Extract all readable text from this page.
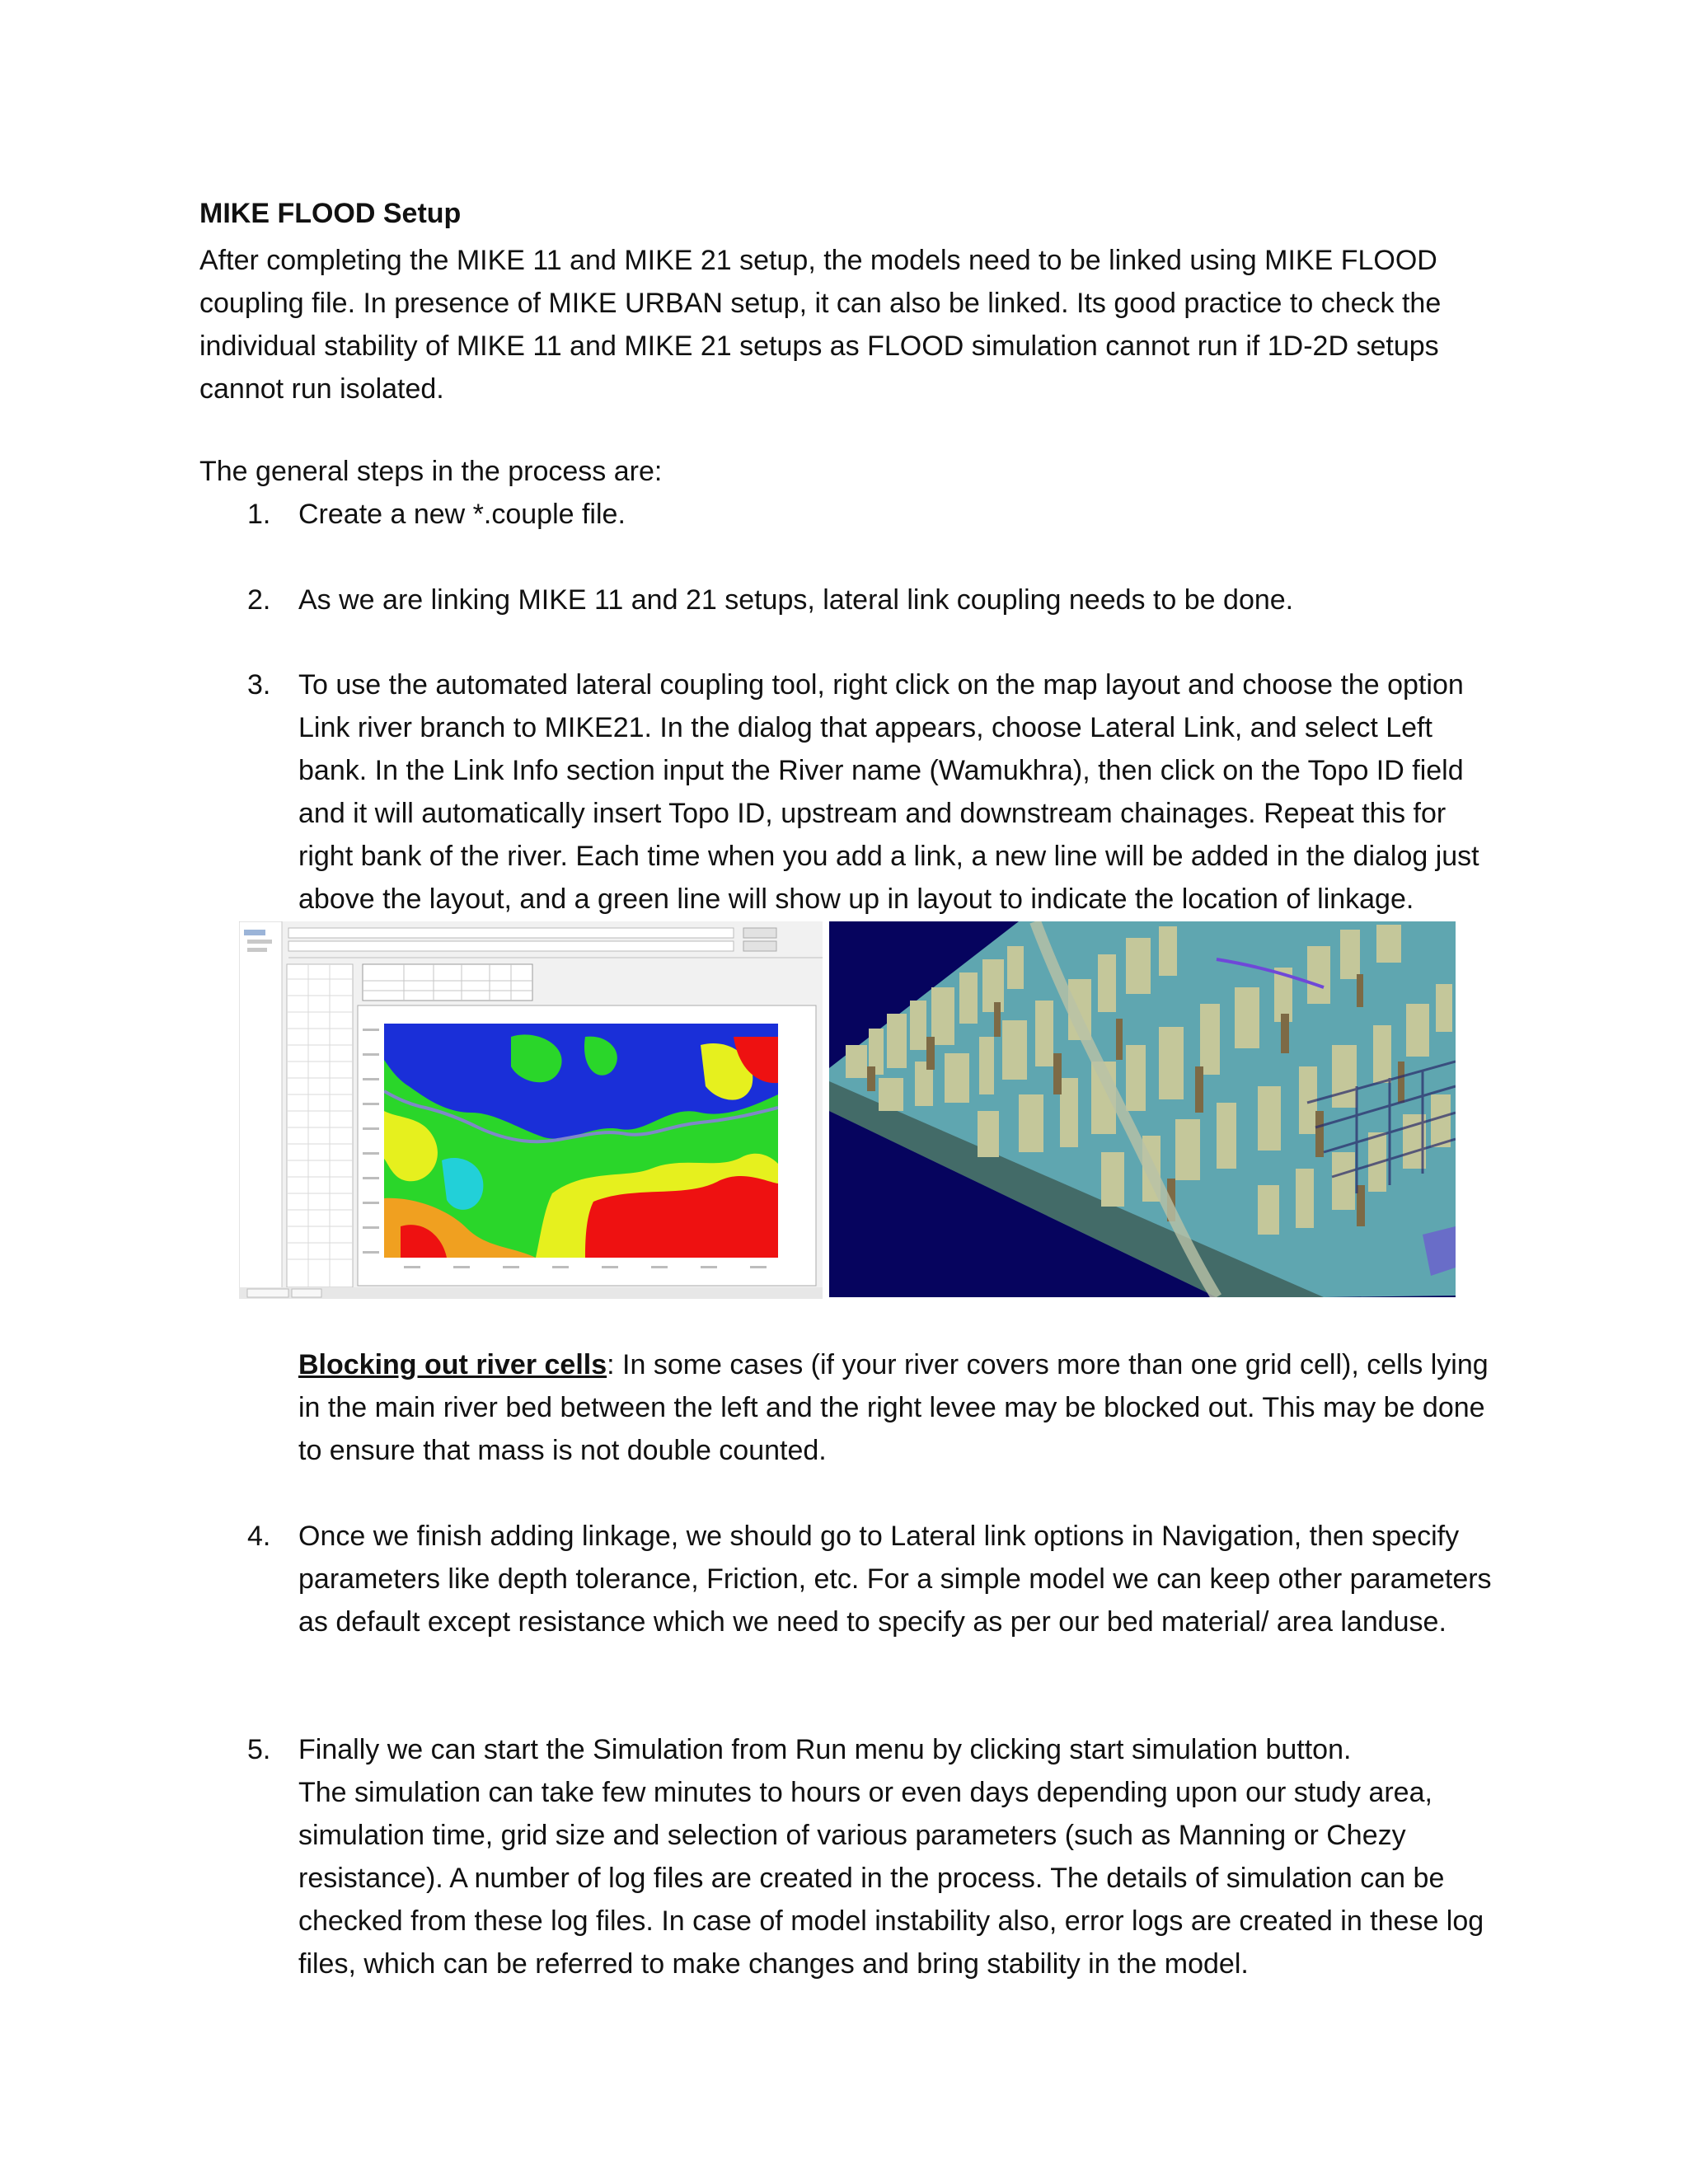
MIKE FLOOD Setup

After completing the MIKE 11 and MIKE 21 setup, the models need to be linked using MIKE FLOOD coupling file. In presence of MIKE URBAN setup, it can also be linked. Its good practice to check the individual stability of MIKE 11 and MIKE 21 setups as FLOOD simulation cannot run if 1D-2D setups cannot run isolated.

The general steps in the process are:

1. Create a new *.couple file.

2. As we are linking MIKE 11 and 21 setups, lateral link coupling needs to be done.

3. To use the automated lateral coupling tool, right click on the map layout and choose the option Link river branch to MIKE21. In the dialog that appears, choose Lateral Link, and select Left bank. In the Link Info section input the River name (Wamukhra), then click on the Topo ID field and it will automatically insert Topo ID, upstream and downstream chainages. Repeat this for right bank of the river. Each time when you add a link, a new line will be added in the dialog just above the layout, and a green line will show up in layout to indicate the location of linkage.

Blocking out river cells: In some cases (if your river covers more than one grid cell), cells lying in the main river bed between the left and the right levee may be blocked out. This may be done to ensure that mass is not double counted.

4. Once we finish adding linkage, we should go to Lateral link options in Navigation, then specify parameters like depth tolerance, Friction, etc. For a simple model we can keep other parameters as default except resistance which we need to specify as per our bed material/ area landuse.

5. Finally we can start the Simulation from Run menu by clicking start simulation button.

The simulation can take few minutes to hours or even days depending upon our study area, simulation time, grid size and selection of various parameters (such as Manning or Chezy resistance). A number of log files are created in the process. The details of simulation can be checked from these log files. In case of model instability also, error logs are created in these log files, which can be referred to make changes and bring stability in the model.
